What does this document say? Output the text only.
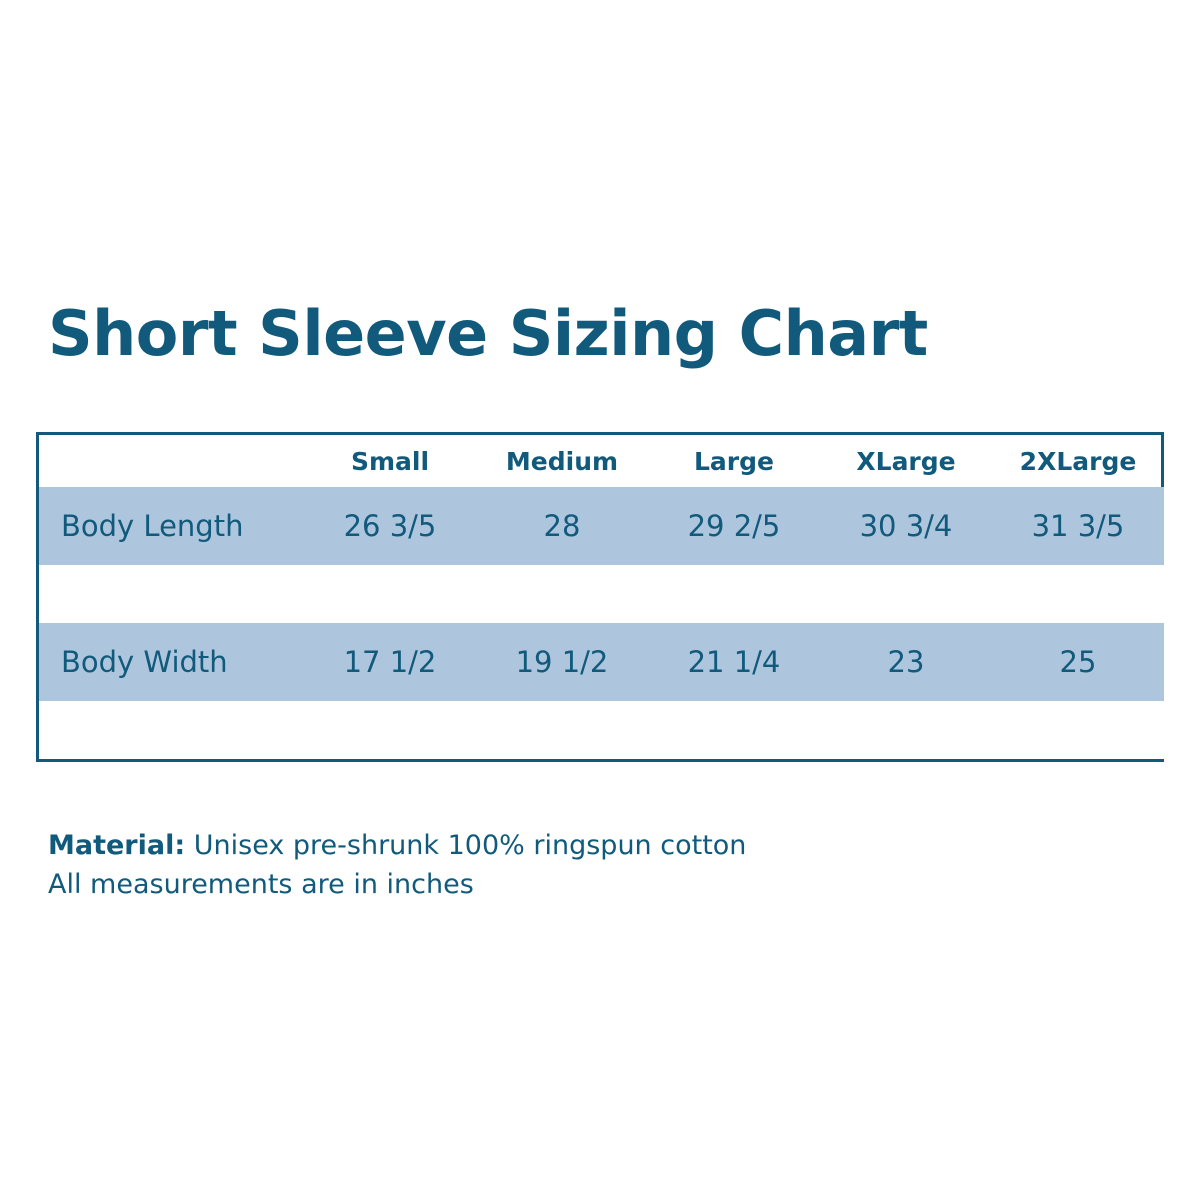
Short Sleeve Sizing Chart
	Small	Medium	Large	XLarge	2XLarge
Body Length	26 3/5	28	29 2/5	30 3/4	31 3/5

Body Width	17 1/2	19 1/2	21 1/4	23	25

Material: Unisex pre-shrunk 100% ringspun cotton
All measurements are in inches
